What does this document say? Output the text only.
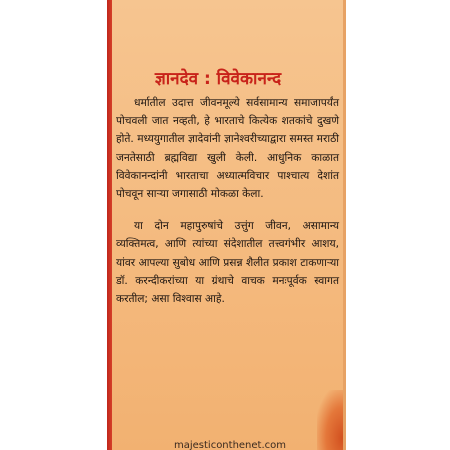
ज्ञानदेव : विवेकानन्द

धर्मातील उदात्त जीवनमूल्ये सर्वसामान्य समाजापर्यंत पोचवली जात नव्हती, हे भारताचे कित्येक शतकांचे दुखणे होते. मध्ययुगातील ज्ञादेवांनी ज्ञानेश्वरीच्याद्वारा समस्त मराठी जनतेसाठी ब्रह्मविद्या खुली केली. आधुनिक काळात विवेकानन्दांनी भारताचा अध्यात्मविचार पाश्चात्य देशांत पोचवून साऱ्या जगासाठी मोकळा केला.

या दोन महापुरुषांचे उत्तुंग जीवन, असामान्य व्यक्तिमत्व, आणि त्यांच्या संदेशातील तत्त्वगंभीर आशय, यांवर आपल्या सुबोध आणि प्रसन्न शैलीत प्रकाश टाकणाऱ्या डॉ. करन्दीकरांच्या या ग्रंथाचे वाचक मनःपूर्वक स्वागत करतील; असा विश्वास आहे.

majesticonthenet.com
